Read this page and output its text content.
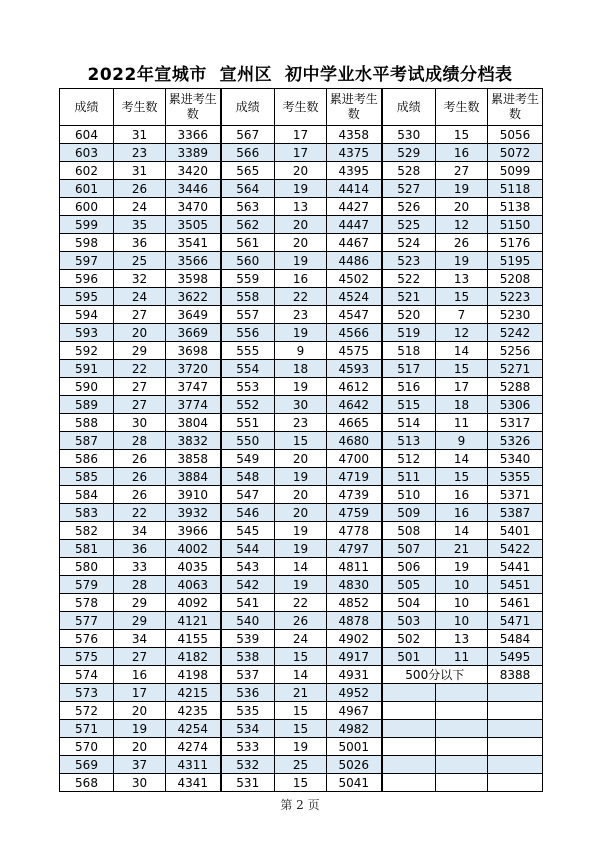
2022年宣城市  宣州区  初中学业水平考试成绩分档表
成绩	考生数	累进考生数	成绩	考生数	累进考生数	成绩	考生数	累进考生数
604	31	3366	567	17	4358	530	15	5056
603	23	3389	566	17	4375	529	16	5072
602	31	3420	565	20	4395	528	27	5099
601	26	3446	564	19	4414	527	19	5118
600	24	3470	563	13	4427	526	20	5138
599	35	3505	562	20	4447	525	12	5150
598	36	3541	561	20	4467	524	26	5176
597	25	3566	560	19	4486	523	19	5195
596	32	3598	559	16	4502	522	13	5208
595	24	3622	558	22	4524	521	15	5223
594	27	3649	557	23	4547	520	7	5230
593	20	3669	556	19	4566	519	12	5242
592	29	3698	555	9	4575	518	14	5256
591	22	3720	554	18	4593	517	15	5271
590	27	3747	553	19	4612	516	17	5288
589	27	3774	552	30	4642	515	18	5306
588	30	3804	551	23	4665	514	11	5317
587	28	3832	550	15	4680	513	9	5326
586	26	3858	549	20	4700	512	14	5340
585	26	3884	548	19	4719	511	15	5355
584	26	3910	547	20	4739	510	16	5371
583	22	3932	546	20	4759	509	16	5387
582	34	3966	545	19	4778	508	14	5401
581	36	4002	544	19	4797	507	21	5422
580	33	4035	543	14	4811	506	19	5441
579	28	4063	542	19	4830	505	10	5451
578	29	4092	541	22	4852	504	10	5461
577	29	4121	540	26	4878	503	10	5471
576	34	4155	539	24	4902	502	13	5484
575	27	4182	538	15	4917	501	11	5495
574	16	4198	537	14	4931	500分以下		8388
573	17	4215	536	21	4952			
572	20	4235	535	15	4967			
571	19	4254	534	15	4982			
570	20	4274	533	19	5001			
569	37	4311	532	25	5026			
568	30	4341	531	15	5041			
第 2 页
